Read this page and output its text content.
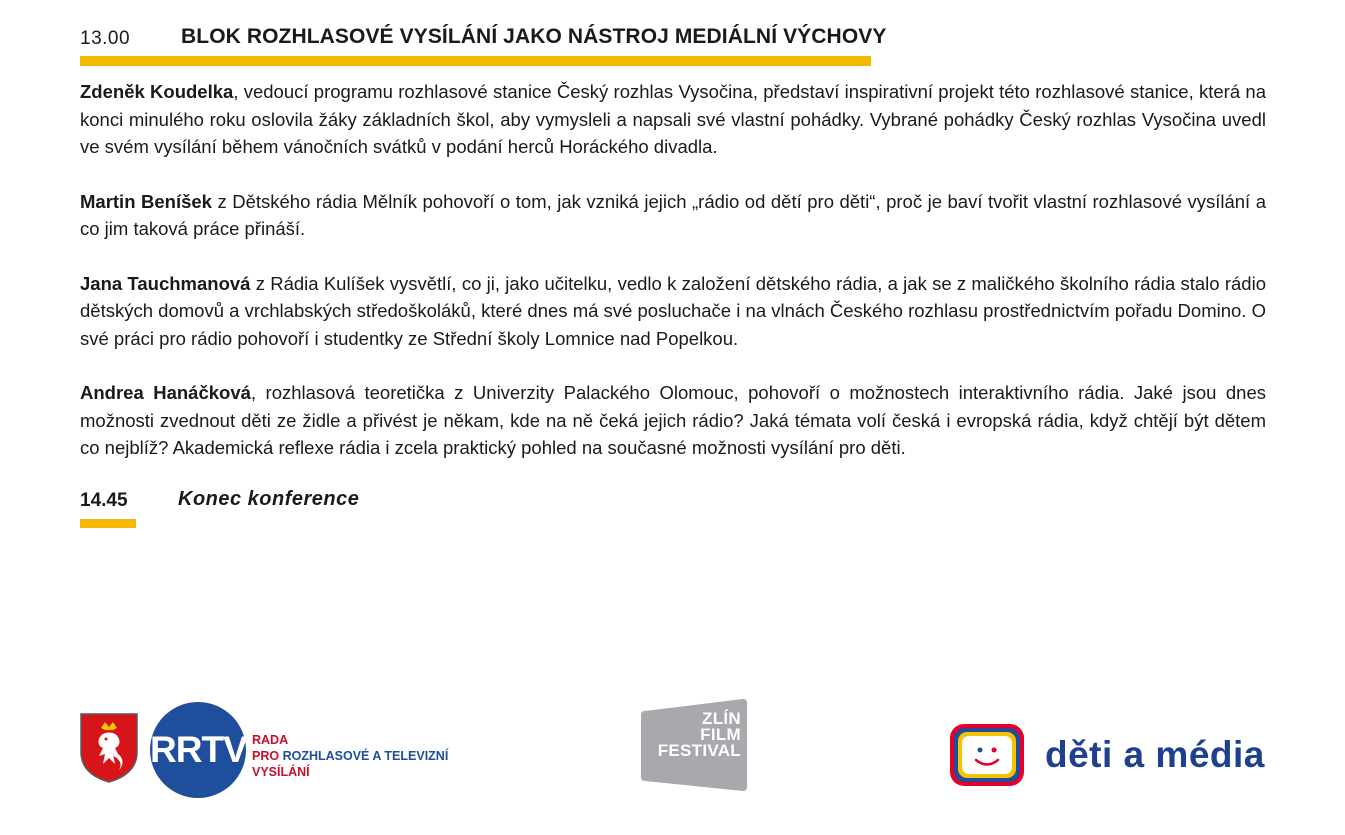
13.00 BLOK ROZHLASOVÉ VYSÍLÁNÍ JAKO NÁSTROJ MEDIÁLNÍ VÝCHOVY

Zdeněk Koudelka, vedoucí programu rozhlasové stanice Český rozhlas Vysočina, představí inspirativní projekt této rozhlasové stanice, která na konci minulého roku oslovila žáky základních škol, aby vymysleli a napsali své vlastní pohádky. Vybrané pohádky Český rozhlas Vysočina uvedl ve svém vysílání během vánočních svátků v podání herců Horáckého divadla.

Martin Beníšek z Dětského rádia Mělník pohovoří o tom, jak vzniká jejich „rádio od dětí pro děti“, proč je baví tvořit vlastní rozhlasové vysílání a co jim taková práce přináší.

Jana Tauchmanová z Rádia Kulíšek vysvětlí, co ji, jako učitelku, vedlo k založení dětského rádia, a jak se z maličkého školního rádia stalo rádio dětských domovů a vrchlabských středoškoláků, které dnes má své posluchače i na vlnách Českého rozhlasu prostřednictvím pořadu Domino. O své práci pro rádio pohovoří i studentky ze Střední školy Lomnice nad Popelkou.

Andrea Hanáčková, rozhlasová teoretička z Univerzity Palackého Olomouc, pohovoří o možnostech interaktivního rádia. Jaké jsou dnes možnosti zvednout děti ze židle a přivést je někam, kde na ně čeká jejich rádio? Jaká témata volí česká i evropská rádia, když chtějí být dětem co nejblíž? Akademická reflexe rádia i zcela praktický pohled na současné možnosti vysílání pro děti.

14.45	Konec konference
RRTV RADA
PRO ROZHLASOVÉ A TELEVIZNÍ
VYSÍLÁNÍ
ZLÍN
FILM
FESTIVAL	děti a média
